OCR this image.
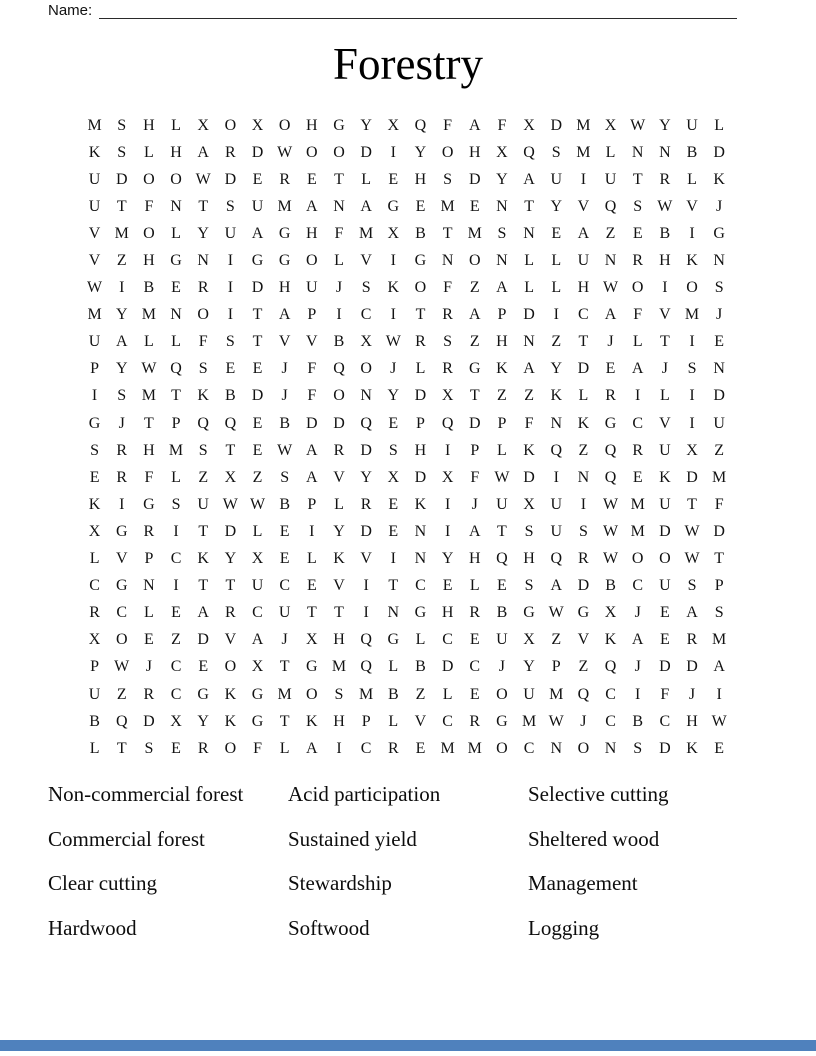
Name:
Forestry
M S	H	L	X O X O H G Y X Q	F	A	F	X D M X W Y U	L
K	S	L	H A	R	D W O O D	I	Y O H X Q	S M L	N N	B	D
U D O O W D	E	R	E	T	L	E	H	S	D Y A U	I	U	T	R	L	K
U	T	F	N	T	S	U M A N A G	E M E	N	T	Y V Q	S W V	J
V M O	L	Y U A G H	F M X	B	T M S	N	E	A	Z	E	B	I	G
V	Z	H G N	I	G G O	L	V	I	G N O N	L	L	U N	R	H K N
W	I	B	E	R	I	D H U	J	S	K O	F	Z	A	L	L	H W O	I	O	S
M Y M N O	I	T	A	P	I	C	I	T	R	A	P	D	I	C	A	F	V M	J
U A	L	L	F	S	T	V V	B	X W R	S	Z	H N	Z	T	J	L	T	I	E
P	Y W Q	S	E	E	J	F	Q O	J	L	R	G K A Y D	E	A	J	S	N
I	S M T	K	B	D	J	F	O N Y D X	T	Z	Z	K	L	R	I	L	I	D
G	J	T	P	Q Q	E	B	D D Q	E	P	Q D	P	F	N K G	C	V	I	U
S	R	H M S	T	E W A	R	D	S	H	I	P	L	K Q	Z	Q	R	U X	Z
E	R	F	L	Z	X	Z	S	A V Y X D X	F W D	I	N Q	E	K D M
K	I	G	S	U W W B	P	L	R	E	K	I	J	U X U	I	W M U	T	F
X G	R	I	T	D	L	E	I	Y D	E	N	I	A	T	S	U	S W M D W D
L	V	P	C	K Y X	E	L	K V	I	N Y H Q H Q	R W O O W T
C	G N	I	T	T	U	C	E	V	I	T	C	E	L	E	S	A D	B	C	U	S	P
R	C	L	E	A	R	C	U	T	T	I	N G H	R	B	G W G X	J	E	A	S
X O	E	Z	D V A	J	X H Q G	L	C	E	U X	Z	V K A	E	R M
P W	J	C	E	O X	T	G M Q	L	B	D	C	J	Y	P	Z	Q	J	D D A
U	Z	R	C	G K G M O	S M B	Z	L	E	O U M Q	C	I	F	J	I
B	Q D X Y K G	T	K H	P	L	V	C	R	G M W	J	C	B	C	H W
L	T	S	E	R	O	F	L	A	I	C	R	E M M O	C	N O N	S	D K	E
Non-commercial forest
Commercial forest
Clear cutting
Hardwood
Acid participation
Sustained yield
Stewardship
Softwood
Selective cutting
Sheltered wood
Management
Logging
